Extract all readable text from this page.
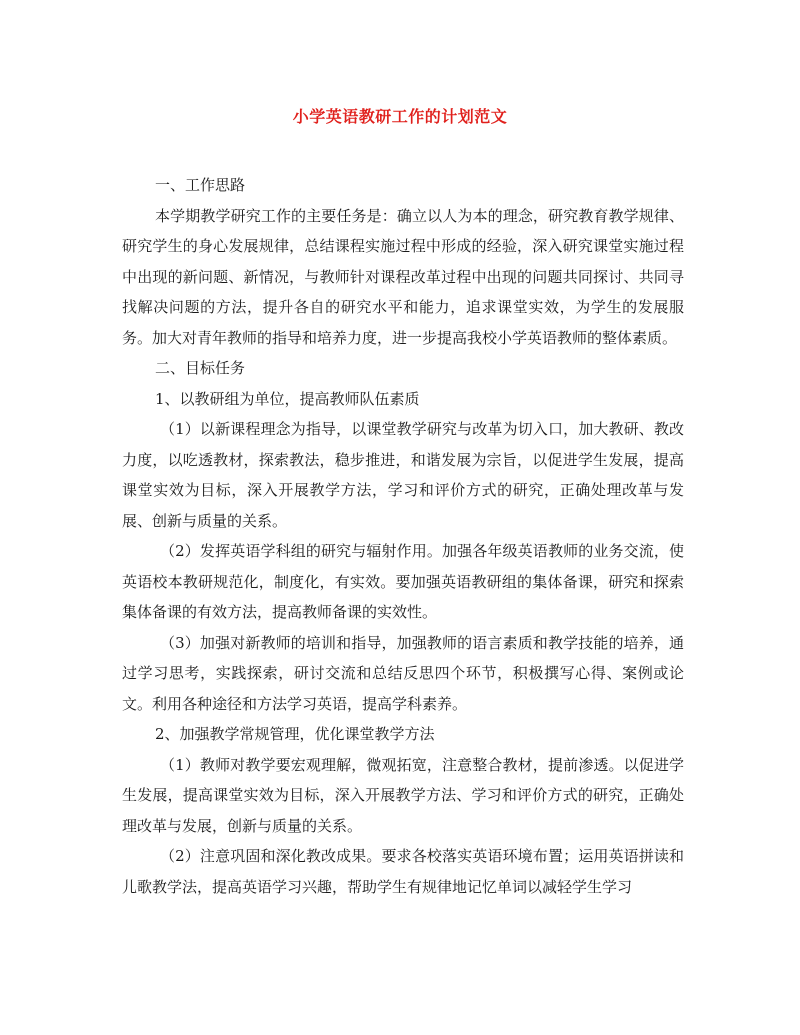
小学英语教研工作的计划范文

一、工作思路

本学期教学研究工作的主要任务是：确立以人为本的理念，研究教育教学规律、研究学生的身心发展规律，总结课程实施过程中形成的经验，深入研究课堂实施过程中出现的新问题、新情况，与教师针对课程改革过程中出现的问题共同探讨、共同寻找解决问题的方法，提升各自的研究水平和能力，追求课堂实效，为学生的发展服务。加大对青年教师的指导和培养力度，进一步提高我校小学英语教师的整体素质。

二、目标任务

1、以教研组为单位，提高教师队伍素质

（1）以新课程理念为指导，以课堂教学研究与改革为切入口，加大教研、教改力度，以吃透教材，探索教法，稳步推进，和谐发展为宗旨，以促进学生发展，提高课堂实效为目标，深入开展教学方法，学习和评价方式的研究，正确处理改革与发展、创新与质量的关系。

（2）发挥英语学科组的研究与辐射作用。加强各年级英语教师的业务交流，使英语校本教研规范化，制度化，有实效。要加强英语教研组的集体备课，研究和探索集体备课的有效方法，提高教师备课的实效性。

（3）加强对新教师的培训和指导，加强教师的语言素质和教学技能的培养，通过学习思考，实践探索，研讨交流和总结反思四个环节，积极撰写心得、案例或论文。利用各种途径和方法学习英语，提高学科素养。

2、加强教学常规管理，优化课堂教学方法

（1）教师对教学要宏观理解，微观拓宽，注意整合教材，提前渗透。以促进学生发展，提高课堂实效为目标，深入开展教学方法、学习和评价方式的研究，正确处理改革与发展，创新与质量的关系。

（2）注意巩固和深化教改成果。要求各校落实英语环境布置；运用英语拼读和儿歌教学法，提高英语学习兴趣，帮助学生有规律地记忆单词以减轻学生学习
